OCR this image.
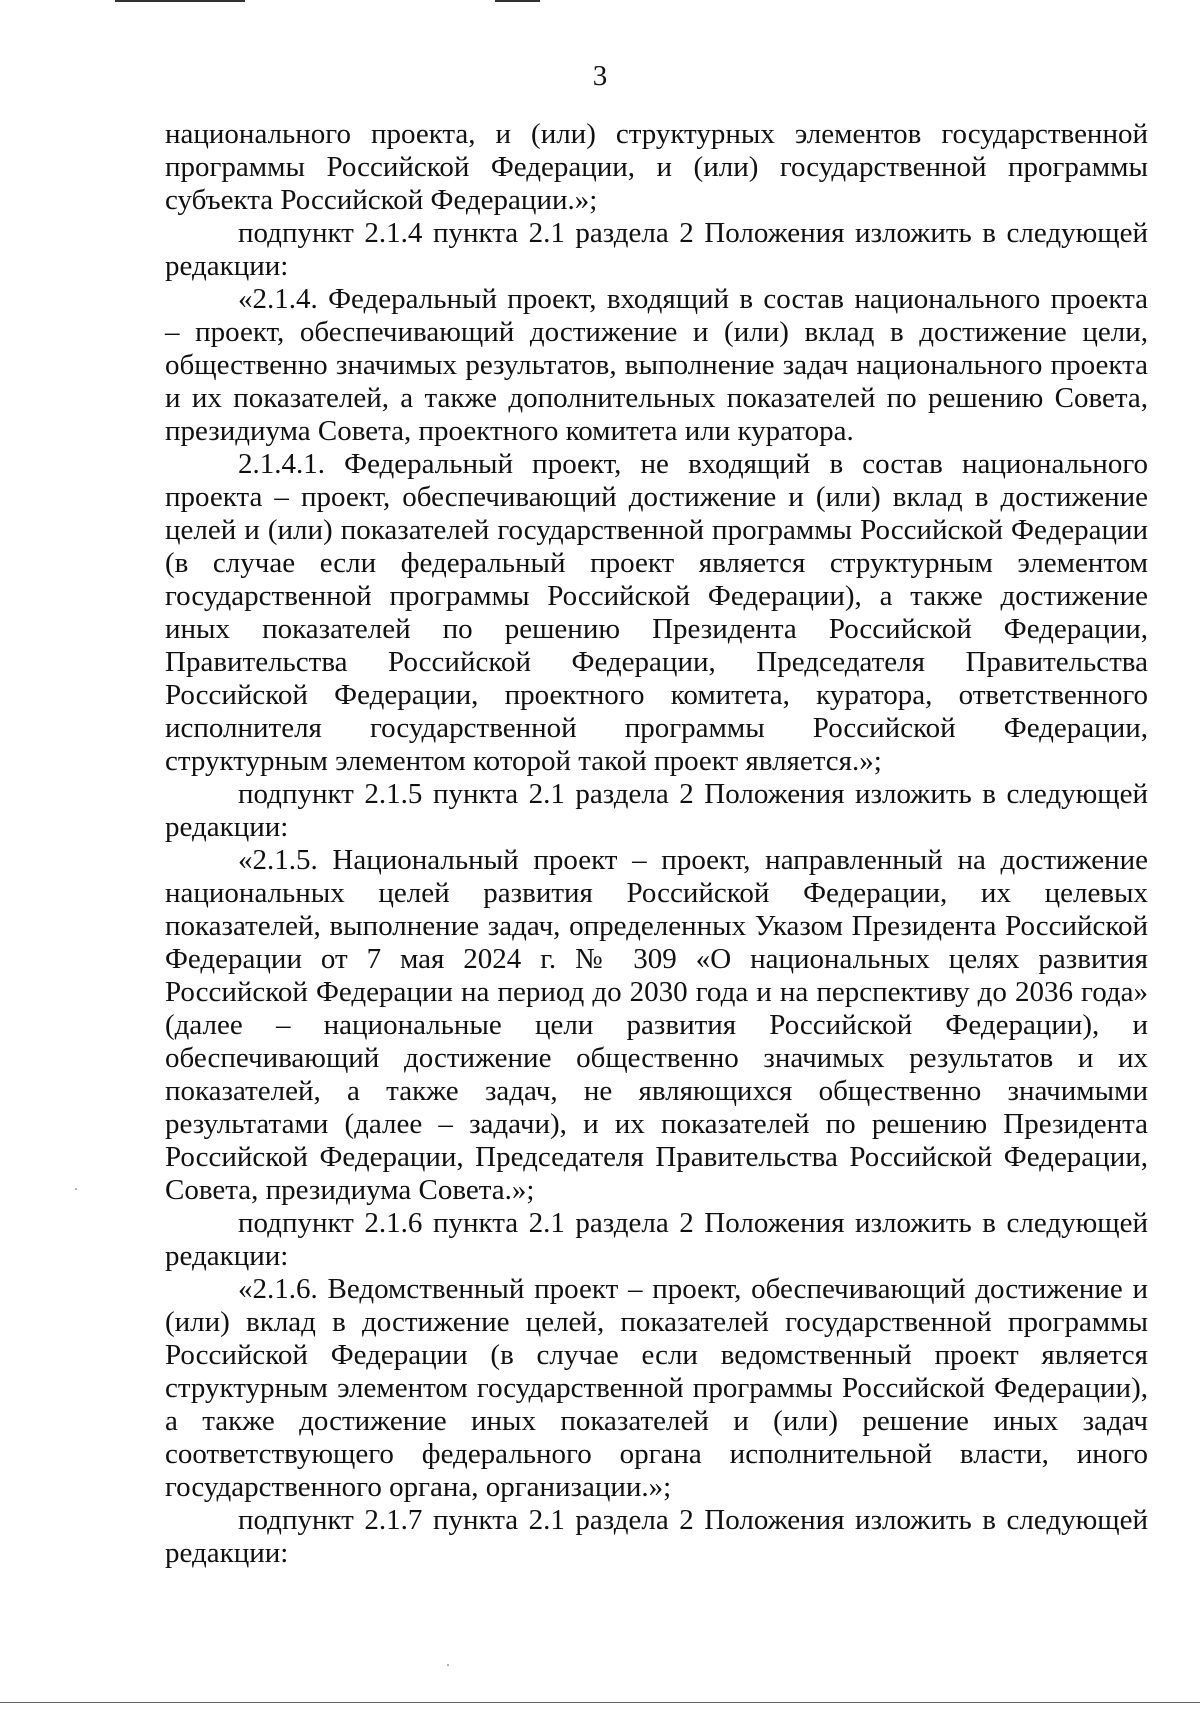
3

национального проекта, и (или) структурных элементов государственной программы Российской Федерации, и (или) государственной программы субъекта Российской Федерации.»;

подпункт 2.1.4 пункта 2.1 раздела 2 Положения изложить в следующей редакции:

«2.1.4. Федеральный проект, входящий в состав национального проекта – проект, обеспечивающий достижение и (или) вклад в достижение цели, общественно значимых результатов, выполнение задач национального проекта и их показателей, а также дополнительных показателей по решению Совета, президиума Совета, проектного комитета или куратора.

2.1.4.1. Федеральный проект, не входящий в состав национального проекта – проект, обеспечивающий достижение и (или) вклад в достижение целей и (или) показателей государственной программы Российской Федерации (в случае если федеральный проект является структурным элементом государственной программы Российской Федерации), а также достижение иных показателей по решению Президента Российской Федерации, Правительства Российской Федерации, Председателя Правительства Российской Федерации, проектного комитета, куратора, ответственного исполнителя государственной программы Российской Федерации, структурным элементом которой такой проект является.»;

подпункт 2.1.5 пункта 2.1 раздела 2 Положения изложить в следующей редакции:

«2.1.5. Национальный проект – проект, направленный на достижение национальных целей развития Российской Федерации, их целевых показателей, выполнение задач, определенных Указом Президента Российской Федерации от 7 мая 2024 г. № 309 «О национальных целях развития Российской Федерации на период до 2030 года и на перспективу до 2036 года» (далее – национальные цели развития Российской Федерации), и обеспечивающий достижение общественно значимых результатов и их показателей, а также задач, не являющихся общественно значимыми результатами (далее – задачи), и их показателей по решению Президента Российской Федерации, Председателя Правительства Российской Федерации, Совета, президиума Совета.»;

подпункт 2.1.6 пункта 2.1 раздела 2 Положения изложить в следующей редакции:

«2.1.6. Ведомственный проект – проект, обеспечивающий достижение и (или) вклад в достижение целей, показателей государственной программы Российской Федерации (в случае если ведомственный проект является структурным элементом государственной программы Российской Федерации), а также достижение иных показателей и (или) решение иных задач соответствующего федерального органа исполнительной власти, иного государственного органа, организации.»;

подпункт 2.1.7 пункта 2.1 раздела 2 Положения изложить в следующей редакции:
